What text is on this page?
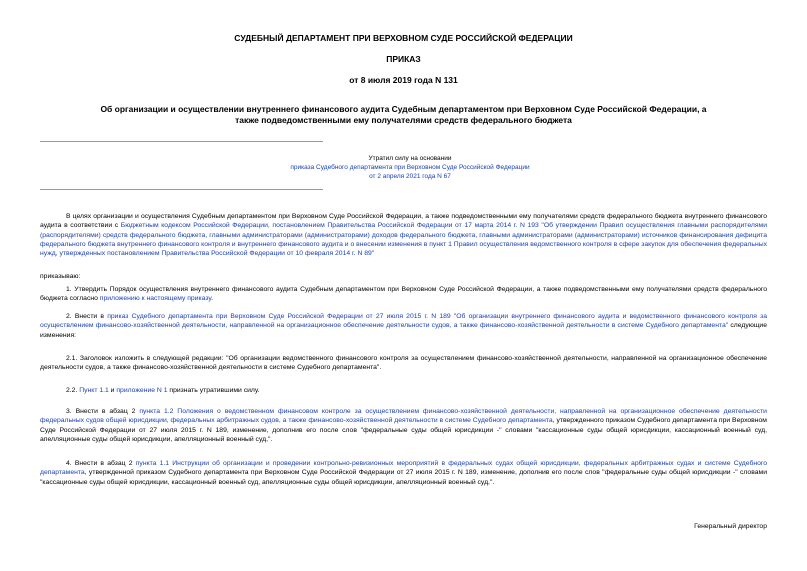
СУДЕБНЫЙ ДЕПАРТАМЕНТ ПРИ ВЕРХОВНОМ СУДЕ РОССИЙСКОЙ ФЕДЕРАЦИИ
ПРИКАЗ
от 8 июля 2019 года N 131
Об организации и осуществлении внутреннего финансового аудита Судебным департаментом при Верховном Суде Российской Федерации, а также подведомственными ему получателями средств федерального бюджета
Утратил силу на основании
приказа Судебного департамента при Верховном Суде Российской Федерации
от 2 апреля 2021 года N 67
В целях организации и осуществления Судебным департаментом при Верховном Суде Российской Федерации, а также подведомственными ему получателями средств федерального бюджета внутреннего финансового аудита в соответствии с Бюджетным кодексом Российской Федерации, постановлением Правительства Российской Федерации от 17 марта 2014 г. N 193 "Об утверждении Правил осуществления главными распорядителями (распорядителями) средств федерального бюджета, главными администраторами (администраторами) доходов федерального бюджета, главными администраторами (администраторами) источников финансирования дефицита федерального бюджета внутреннего финансового контроля и внутреннего финансового аудита и о внесении изменения в пункт 1 Правил осуществления ведомственного контроля в сфере закупок для обеспечения федеральных нужд, утвержденных постановлением Правительства Российской Федерации от 10 февраля 2014 г. N 89"
приказываю:
1. Утвердить Порядок осуществления внутреннего финансового аудита Судебным департаментом при Верховном Суде Российской Федерации, а также подведомственными ему получателями средств федерального бюджета согласно приложению к настоящему приказу.
2. Внести в приказ Судебного департамента при Верховном Суде Российской Федерации от 27 июля 2015 г. N 189 "Об организации внутреннего финансового аудита и ведомственного финансового контроля за осуществлением финансово-хозяйственной деятельности, направленной на организационное обеспечение деятельности судов, а также финансово-хозяйственной деятельности в системе Судебного департамента" следующие изменения:
2.1. Заголовок изложить в следующей редакции: "Об организации ведомственного финансового контроля за осуществлением финансово-хозяйственной деятельности, направленной на организационное обеспечение деятельности судов, а также финансово-хозяйственной деятельности в системе Судебного департамента".
2.2. Пункт 1.1 и приложение N 1 признать утратившими силу.
3. Внести в абзац 2 пункта 1.2 Положения о ведомственном финансовом контроле за осуществлением финансово-хозяйственной деятельности, направленной на организационное обеспечение деятельности федеральных судов общей юрисдикции, федеральных арбитражных судов, а также финансово-хозяйственной деятельности в системе Судебного департамента, утвержденного приказом Судебного департамента при Верховном Суде Российской Федерации от 27 июля 2015 г. N 189, изменение, дополнив его после слов "федеральные суды общей юрисдикции -" словами "кассационные суды общей юрисдикции, кассационный военный суд, апелляционные суды общей юрисдикции, апелляционный военный суд,".
4. Внести в абзац 2 пункта 1.1 Инструкции об организации и проведении контрольно-ревизионных мероприятий в федеральных судах общей юрисдикции, федеральных арбитражных судах и системе Судебного департамента, утвержденной приказом Судебного департамента при Верховном Суде Российской Федерации от 27 июля 2015 г. N 189, изменение, дополнив его после слов "федеральные суды общей юрисдикции -" словами "кассационные суды общей юрисдикции, кассационный военный суд, апелляционные суды общей юрисдикции, апелляционный военный суд,".
Генеральный директор
